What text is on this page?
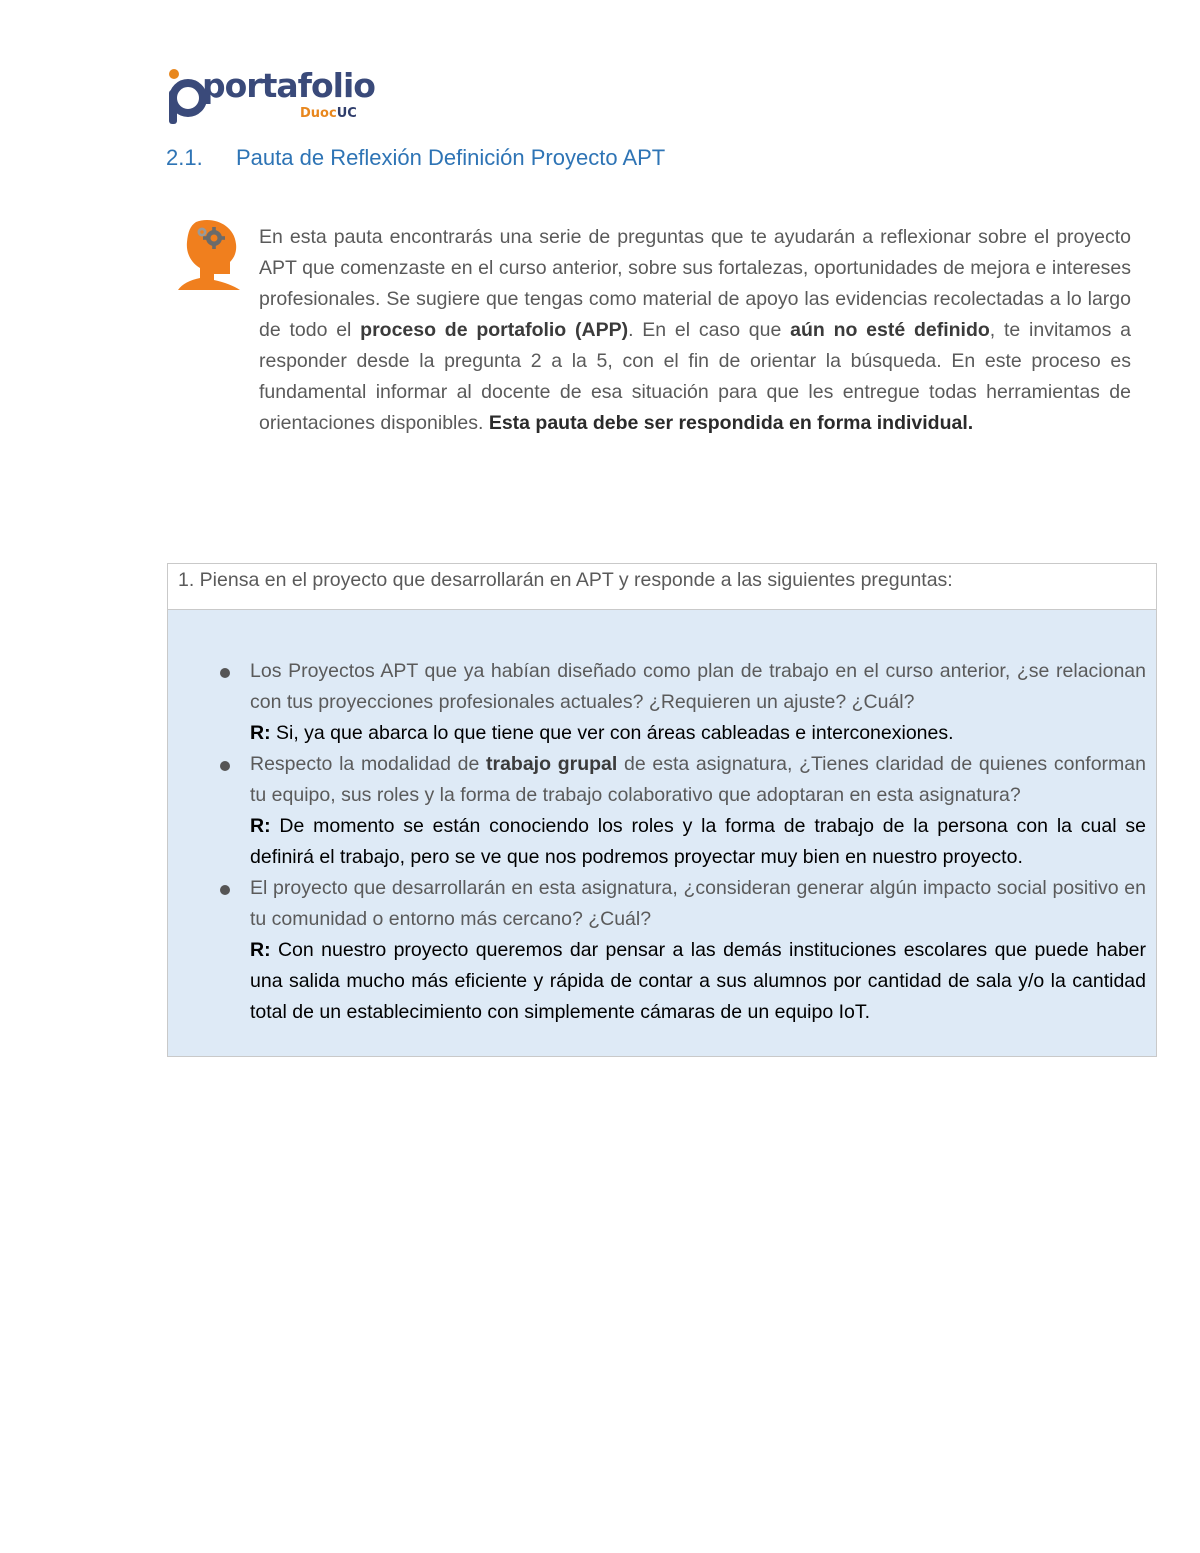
portafolio
DuocUC
2.1. Pauta de Reflexión Definición Proyecto APT
En esta pauta encontrarás una serie de preguntas que te ayudarán a reflexionar sobre el proyecto APT que comenzaste en el curso anterior, sobre sus fortalezas, oportunidades de mejora e intereses profesionales. Se sugiere que tengas como material de apoyo las evidencias recolectadas a lo largo de todo el proceso de portafolio (APP). En el caso que aún no esté definido, te invitamos a responder desde la pregunta 2 a la 5, con el fin de orientar la búsqueda. En este proceso es fundamental informar al docente de esa situación para que les entregue todas herramientas de orientaciones disponibles. Esta pauta debe ser respondida en forma individual.
1. Piensa en el proyecto que desarrollarán en APT y responde a las siguientes preguntas:
Los Proyectos APT que ya habían diseñado como plan de trabajo en el curso anterior, ¿se relacionan con tus proyecciones profesionales actuales? ¿Requieren un ajuste? ¿Cuál?
R: Si, ya que abarca lo que tiene que ver con áreas cableadas e interconexiones.
Respecto la modalidad de trabajo grupal de esta asignatura, ¿Tienes claridad de quienes conforman tu equipo, sus roles y la forma de trabajo colaborativo que adoptaran en esta asignatura?
R: De momento se están conociendo los roles y la forma de trabajo de la persona con la cual se definirá el trabajo, pero se ve que nos podremos proyectar muy bien en nuestro proyecto.
El proyecto que desarrollarán en esta asignatura, ¿consideran generar algún impacto social positivo en tu comunidad o entorno más cercano? ¿Cuál?
R: Con nuestro proyecto queremos dar pensar a las demás instituciones escolares que puede haber una salida mucho más eficiente y rápida de contar a sus alumnos por cantidad de sala y/o la cantidad total de un establecimiento con simplemente cámaras de un equipo IoT.
